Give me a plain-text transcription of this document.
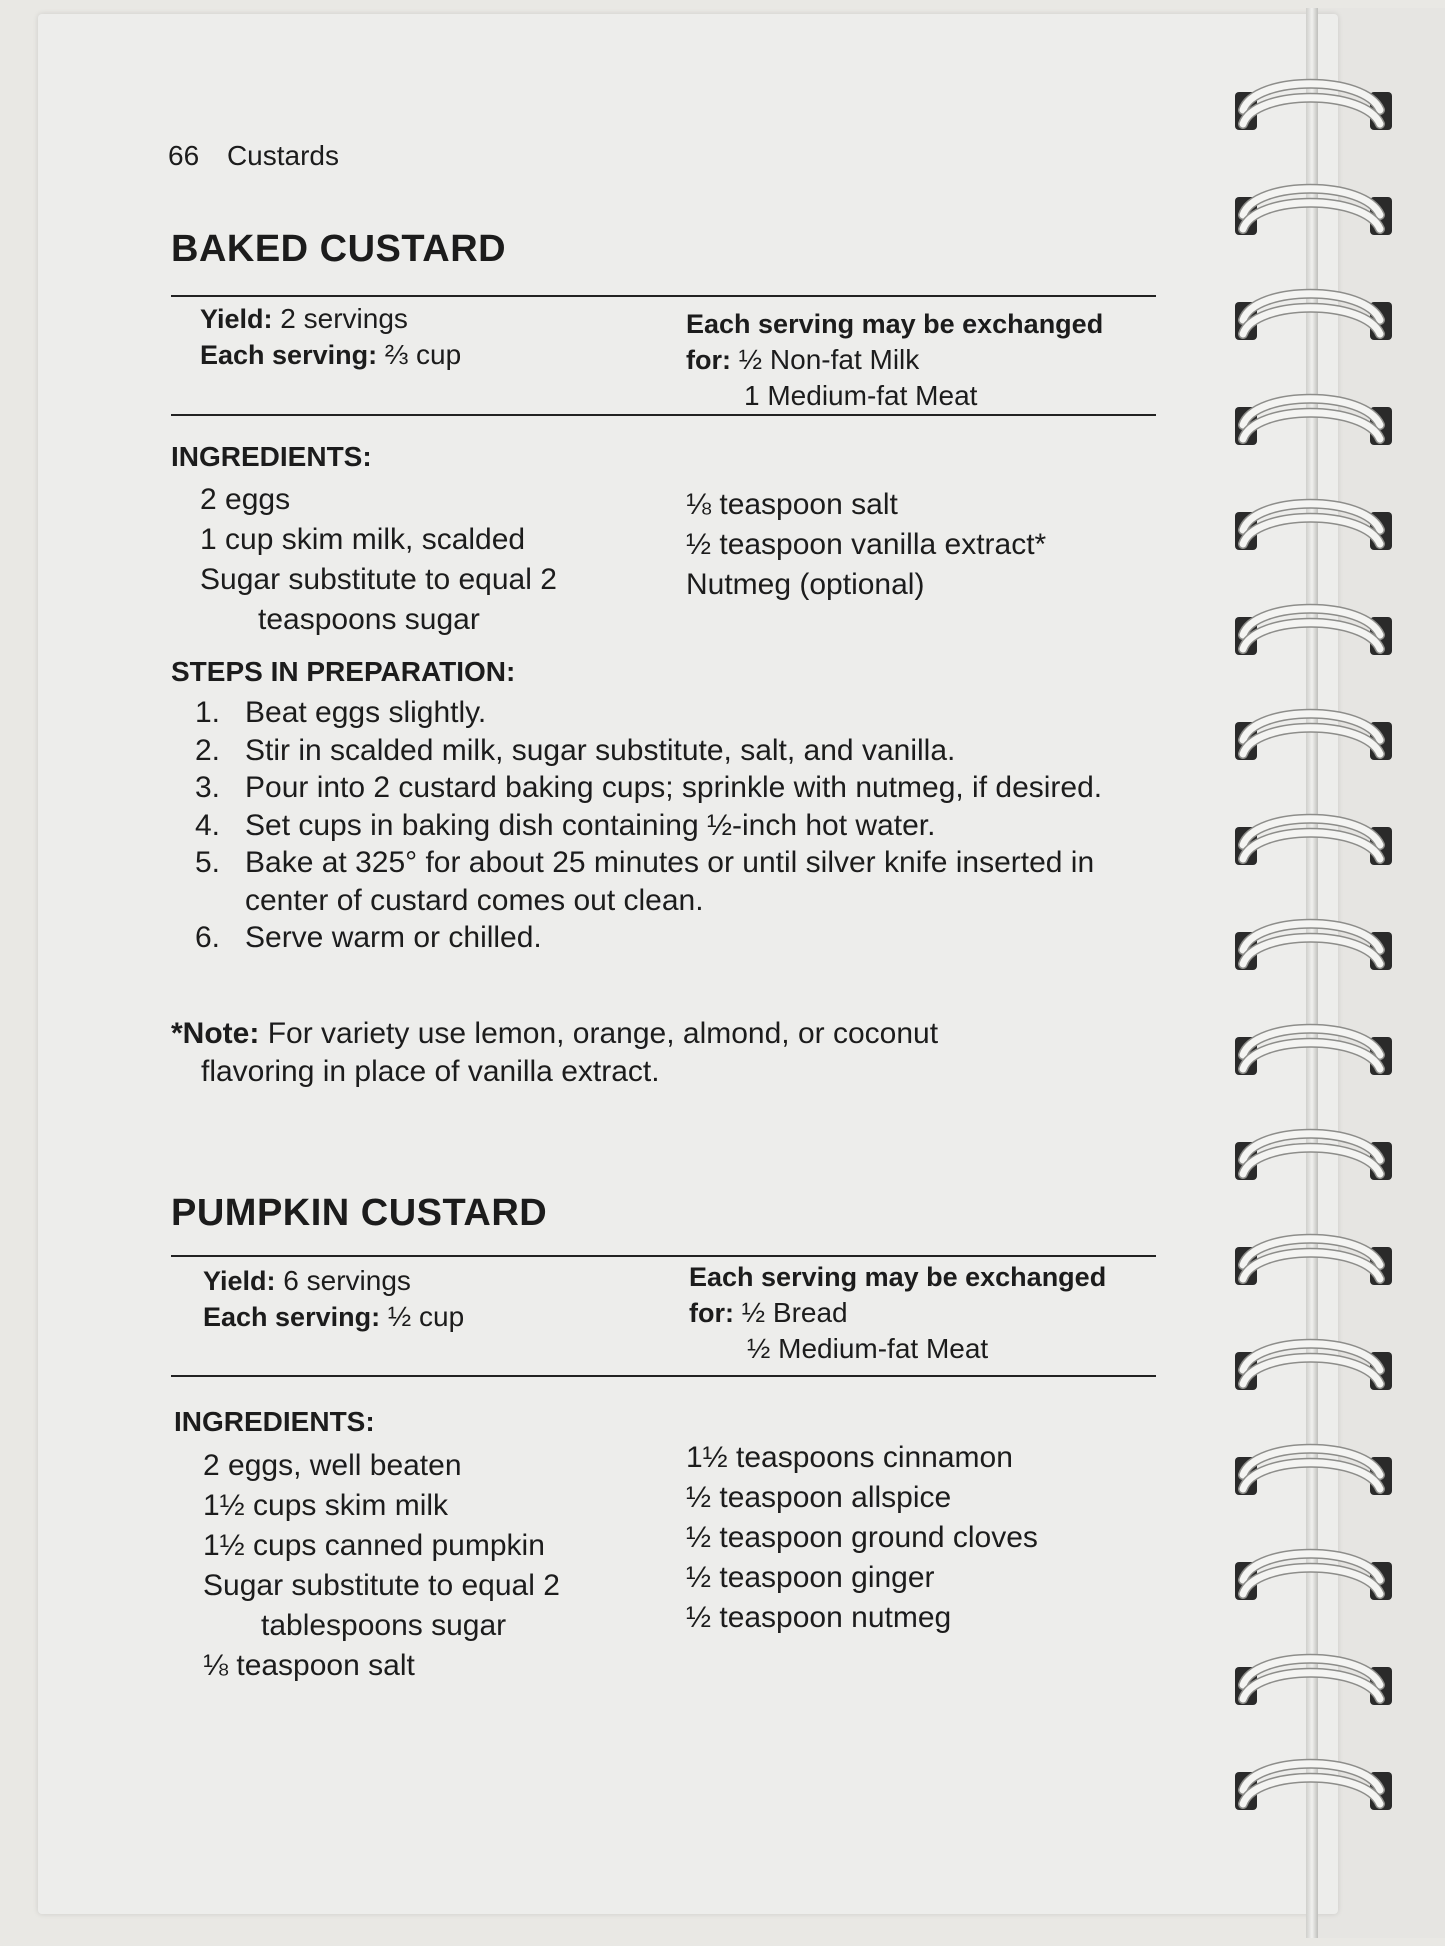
66 Custards
BAKED CUSTARD
Yield: 2 servings
Each serving: ⅔ cup
Each serving may be exchanged
for: ½ Non-fat Milk
1 Medium-fat Meat
INGREDIENTS:
2 eggs
1 cup skim milk, scalded
Sugar substitute to equal 2
teaspoons sugar
⅛ teaspoon salt
½ teaspoon vanilla extract*
Nutmeg (optional)
STEPS IN PREPARATION:
1. Beat eggs slightly.
2. Stir in scalded milk, sugar substitute, salt, and vanilla.
3. Pour into 2 custard baking cups; sprinkle with nutmeg, if desired.
4. Set cups in baking dish containing ½-inch hot water.
5. Bake at 325° for about 25 minutes or until silver knife inserted in center of custard comes out clean.
6. Serve warm or chilled.
*Note: For variety use lemon, orange, almond, or coconut
flavoring in place of vanilla extract.
PUMPKIN CUSTARD
Yield: 6 servings
Each serving: ½ cup
Each serving may be exchanged
for: ½ Bread
½ Medium-fat Meat
INGREDIENTS:
2 eggs, well beaten
1½ cups skim milk
1½ cups canned pumpkin
Sugar substitute to equal 2
tablespoons sugar
⅛ teaspoon salt
1½ teaspoons cinnamon
½ teaspoon allspice
½ teaspoon ground cloves
½ teaspoon ginger
½ teaspoon nutmeg
